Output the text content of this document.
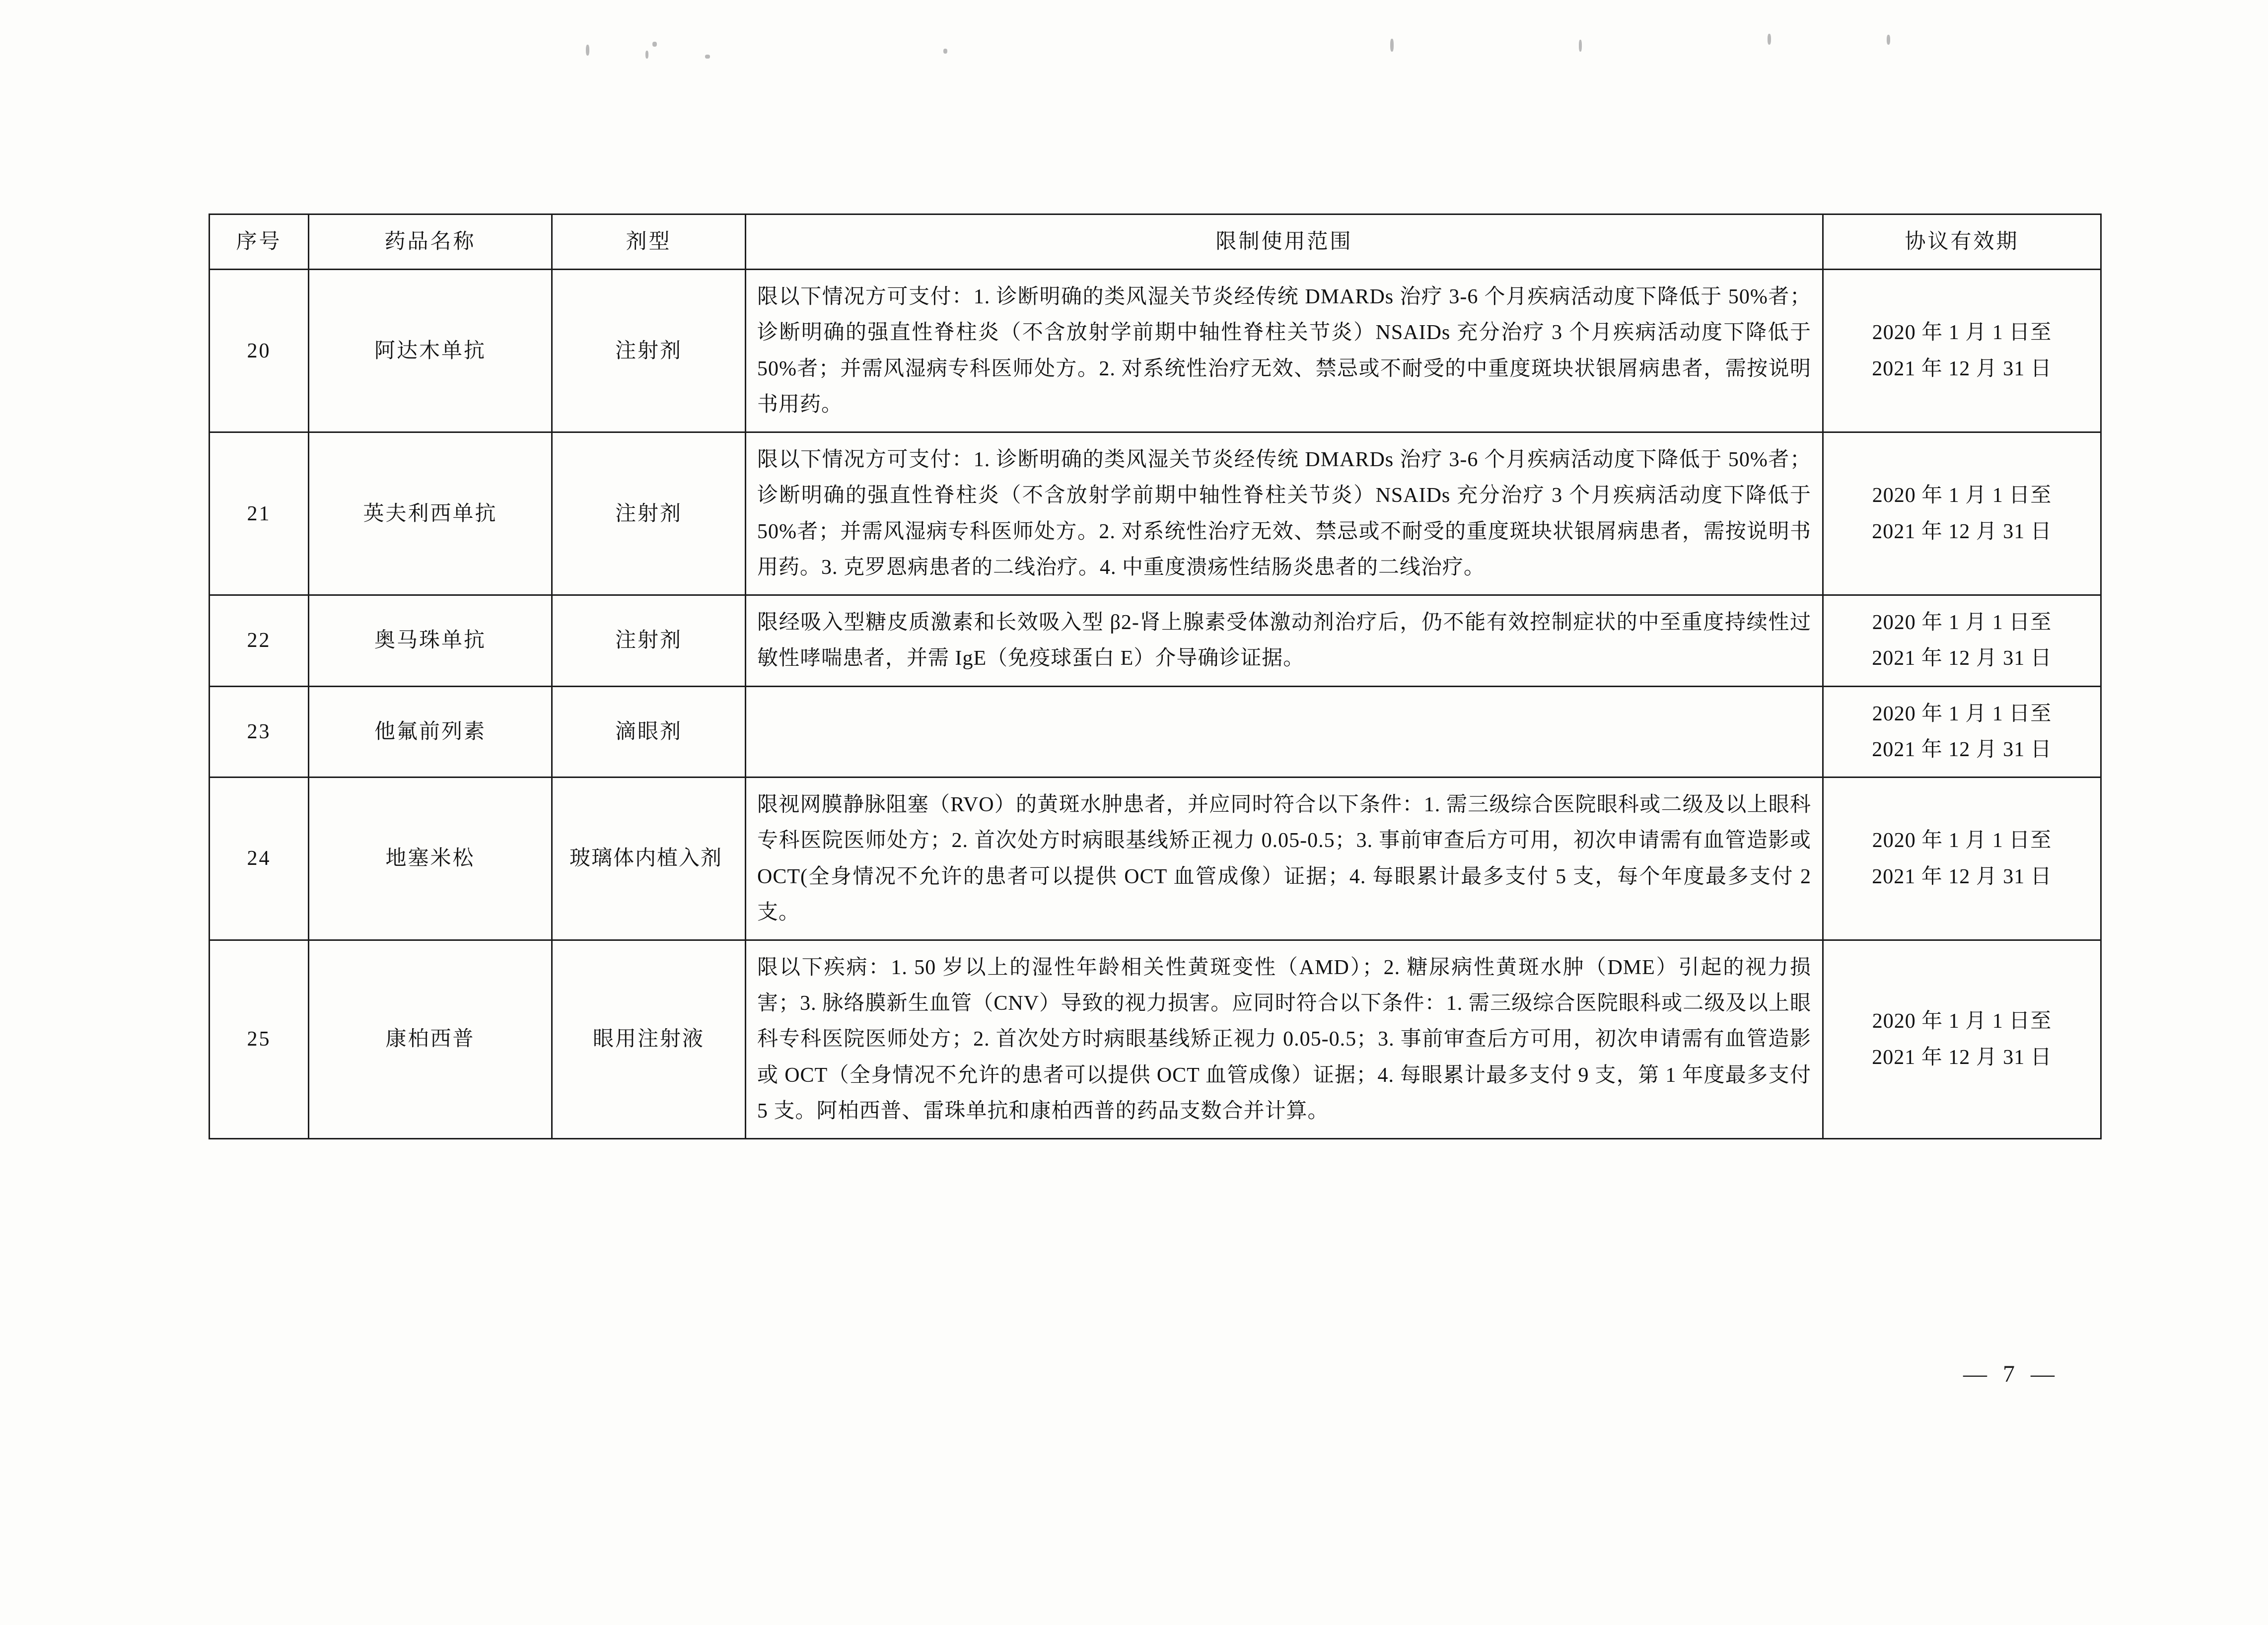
序号	药品名称	剂型	限制使用范围	协议有效期
20	阿达木单抗	注射剂	限以下情况方可支付：1. 诊断明确的类风湿关节炎经传统 DMARDs 治疗 3-6 个月疾病活动度下降低于 50%者；诊断明确的强直性脊柱炎（不含放射学前期中轴性脊柱关节炎）NSAIDs 充分治疗 3 个月疾病活动度下降低于 50%者；并需风湿病专科医师处方。2. 对系统性治疗无效、禁忌或不耐受的中重度斑块状银屑病患者，需按说明书用药。	2020 年 1 月 1 日至
2021 年 12 月 31 日

21	英夫利西单抗	注射剂	限以下情况方可支付：1. 诊断明确的类风湿关节炎经传统 DMARDs 治疗 3-6 个月疾病活动度下降低于 50%者；诊断明确的强直性脊柱炎（不含放射学前期中轴性脊柱关节炎）NSAIDs 充分治疗 3 个月疾病活动度下降低于 50%者；并需风湿病专科医师处方。2. 对系统性治疗无效、禁忌或不耐受的重度斑块状银屑病患者，需按说明书用药。3. 克罗恩病患者的二线治疗。4. 中重度溃疡性结肠炎患者的二线治疗。	2020 年 1 月 1 日至
2021 年 12 月 31 日

22	奥马珠单抗	注射剂	限经吸入型糖皮质激素和长效吸入型 β2-肾上腺素受体激动剂治疗后，仍不能有效控制症状的中至重度持续性过敏性哮喘患者，并需 IgE（免疫球蛋白 E）介导确诊证据。	2020 年 1 月 1 日至
2021 年 12 月 31 日

23	他氟前列素	滴眼剂		2020 年 1 月 1 日至
2021 年 12 月 31 日

24	地塞米松	玻璃体内植入剂	限视网膜静脉阻塞（RVO）的黄斑水肿患者，并应同时符合以下条件：1. 需三级综合医院眼科或二级及以上眼科专科医院医师处方；2. 首次处方时病眼基线矫正视力 0.05-0.5；3. 事前审查后方可用，初次申请需有血管造影或 OCT(全身情况不允许的患者可以提供 OCT 血管成像）证据；4. 每眼累计最多支付 5 支，每个年度最多支付 2 支。	2020 年 1 月 1 日至
2021 年 12 月 31 日

25	康柏西普	眼用注射液	限以下疾病：1. 50 岁以上的湿性年龄相关性黄斑变性（AMD）；2. 糖尿病性黄斑水肿（DME）引起的视力损害；3. 脉络膜新生血管（CNV）导致的视力损害。应同时符合以下条件：1. 需三级综合医院眼科或二级及以上眼科专科医院医师处方；2. 首次处方时病眼基线矫正视力 0.05-0.5；3. 事前审查后方可用，初次申请需有血管造影或 OCT（全身情况不允许的患者可以提供 OCT 血管成像）证据；4. 每眼累计最多支付 9 支，第 1 年度最多支付 5 支。阿柏西普、雷珠单抗和康柏西普的药品支数合并计算。	2020 年 1 月 1 日至
2021 年 12 月 31 日
— 7 —
